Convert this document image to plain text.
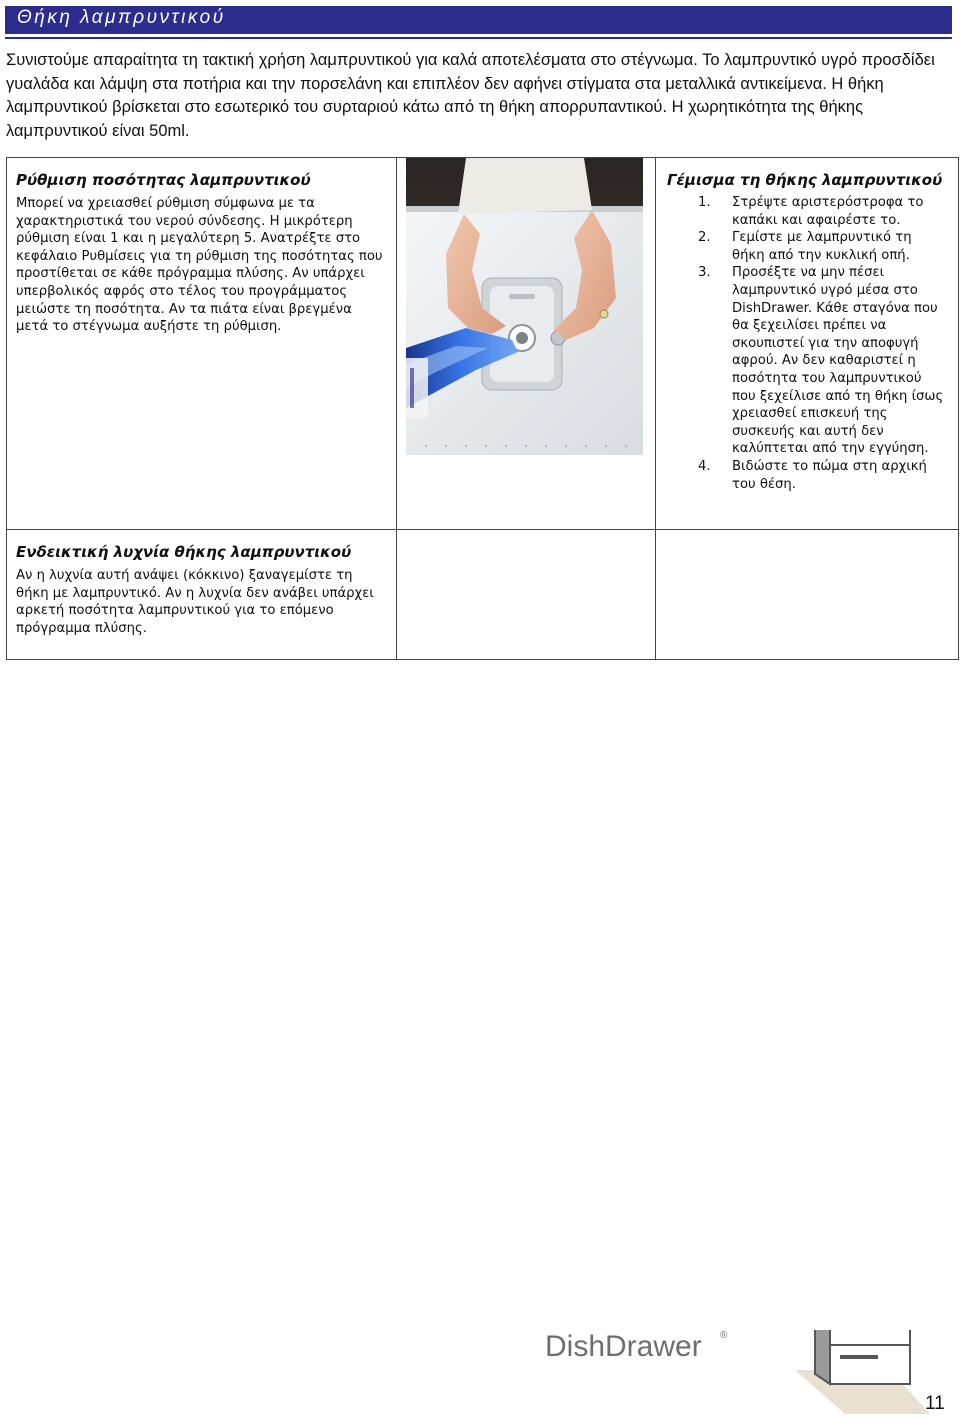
Θήκη λαμπρυντικού

Συνιστούμε απαραίτητα τη τακτική χρήση λαμπρυντικού για καλά αποτελέσματα στο στέγνωμα. Το λαμπρυντικό υγρό προσδίδει γυαλάδα και λάμψη στα ποτήρια και την πορσελάνη και επιπλέον δεν αφήνει στίγματα στα μεταλλικά αντικείμενα. Η θήκη λαμπρυντικού βρίσκεται στο εσωτερικό του συρταριού κάτω από τη θήκη απορρυπαντικού. Η χωρητικότητα της θήκης λαμπρυντικού είναι 50ml.

Ρύθμιση ποσότητας λαμπρυντικού

Μπορεί να χρειασθεί ρύθμιση σύμφωνα με τα χαρακτηριστικά του νερού σύνδεσης. Η μικρότερη ρύθμιση είναι 1 και η μεγαλύτερη 5. Ανατρέξτε στο κεφάλαιο Ρυθμίσεις για τη ρύθμιση της ποσότητας που προστίθεται σε κάθε πρόγραμμα πλύσης. Αν υπάρχει υπερβολικός αφρός στο τέλος του προγράμματος μειώστε τη ποσότητα. Αν τα πιάτα είναι βρεγμένα μετά το στέγνωμα αυξήστε τη ρύθμιση.

Γέμισμα τη θήκης λαμπρυντικού

1.	Στρέψτε αριστερόστροφα το καπάκι και αφαιρέστε το.
2.	Γεμίστε με λαμπρυντικό τη θήκη από την κυκλική οπή.
3.	Προσέξτε να μην πέσει λαμπρυντικό υγρό μέσα στο DishDrawer. Κάθε σταγόνα που θα ξεχειλίσει πρέπει να σκουπιστεί για την αποφυγή αφρού. Αν δεν καθαριστεί η ποσότητα του λαμπρυντικού που ξεχείλισε από τη θήκη ίσως χρειασθεί επισκευή της συσκευής και αυτή δεν καλύπτεται από την εγγύηση.
4.	Βιδώστε το πώμα στη αρχική του θέση.

Ενδεικτική λυχνία θήκης λαμπρυντικού

Αν η λυχνία αυτή ανάψει (κόκκινο) ξαναγεμίστε τη θήκη με λαμπρυντικό. Αν η λυχνία δεν ανάβει υπάρχει αρκετή ποσότητα λαμπρυντικού για το επόμενο πρόγραμμα πλύσης.

DishDrawer ®
11
